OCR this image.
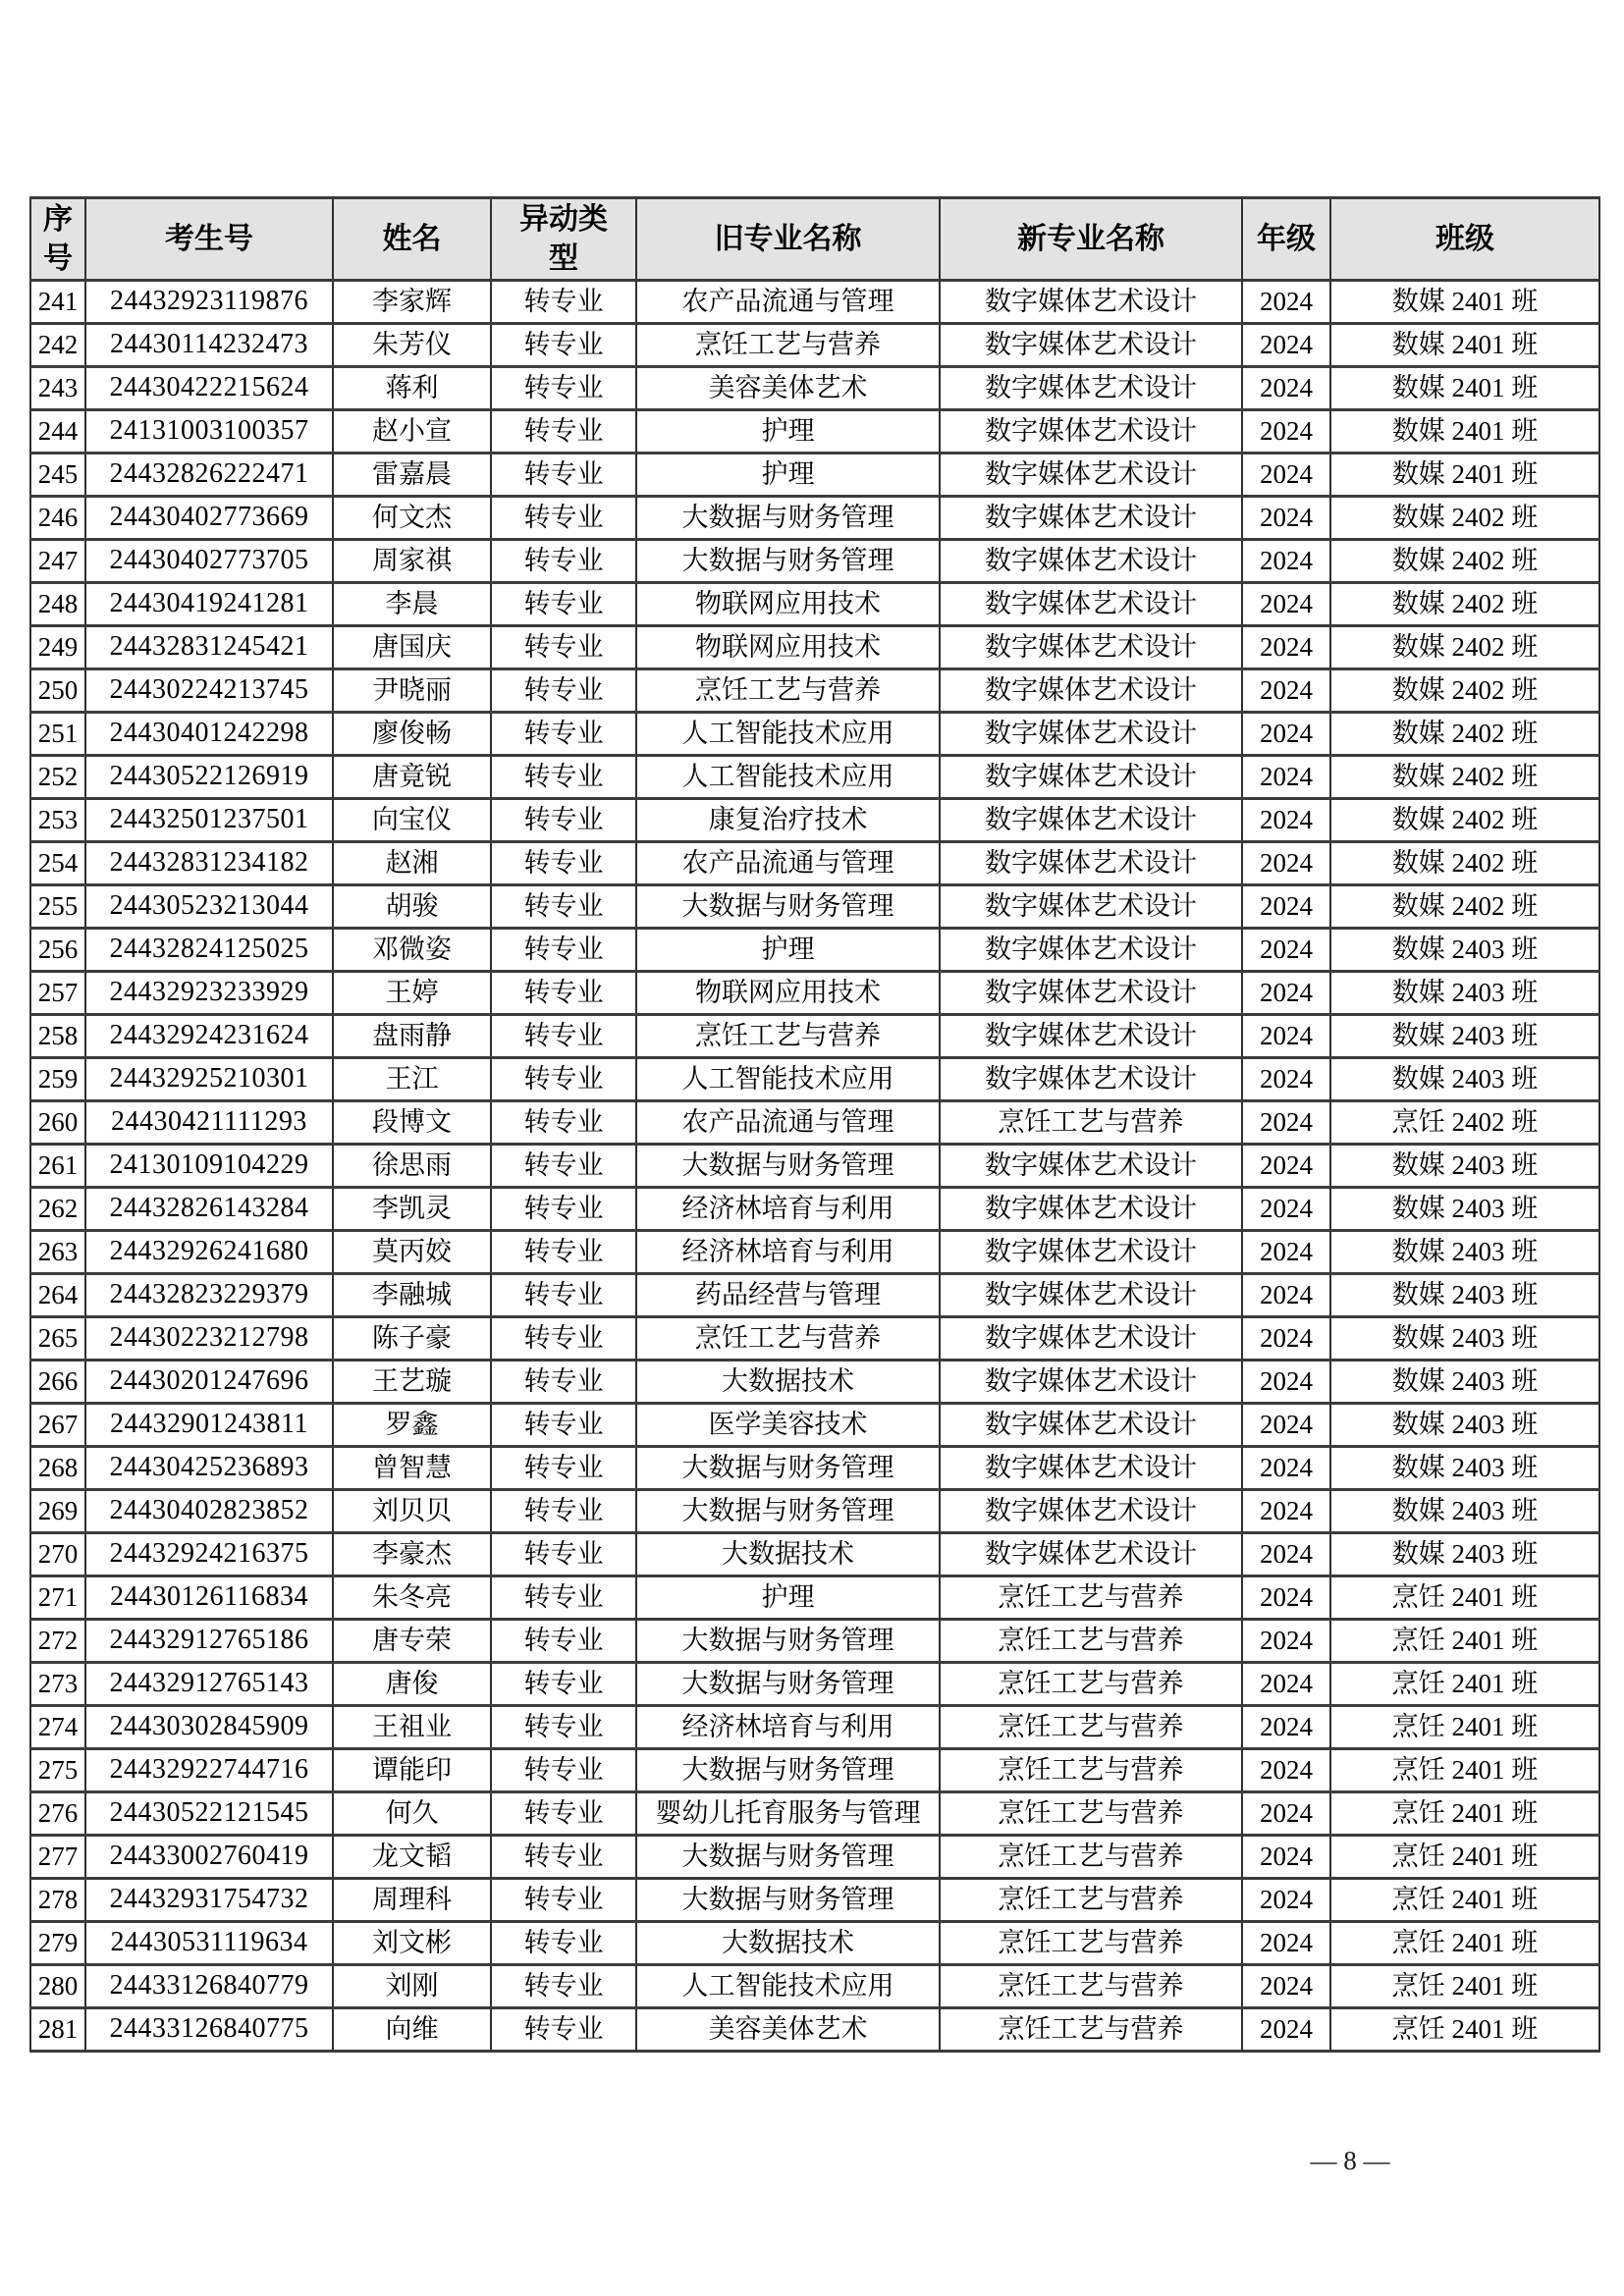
序号	考生号	姓名	异动类型	旧专业名称	新专业名称	年级	班级
241	24432923119876	李家辉	转专业	农产品流通与管理	数字媒体艺术设计	2024	数媒 2401 班
242	24430114232473	朱芳仪	转专业	烹饪工艺与营养	数字媒体艺术设计	2024	数媒 2401 班
243	24430422215624	蒋利	转专业	美容美体艺术	数字媒体艺术设计	2024	数媒 2401 班
244	24131003100357	赵小宣	转专业	护理	数字媒体艺术设计	2024	数媒 2401 班
245	24432826222471	雷嘉晨	转专业	护理	数字媒体艺术设计	2024	数媒 2401 班
246	24430402773669	何文杰	转专业	大数据与财务管理	数字媒体艺术设计	2024	数媒 2402 班
247	24430402773705	周家祺	转专业	大数据与财务管理	数字媒体艺术设计	2024	数媒 2402 班
248	24430419241281	李晨	转专业	物联网应用技术	数字媒体艺术设计	2024	数媒 2402 班
249	24432831245421	唐国庆	转专业	物联网应用技术	数字媒体艺术设计	2024	数媒 2402 班
250	24430224213745	尹晓丽	转专业	烹饪工艺与营养	数字媒体艺术设计	2024	数媒 2402 班
251	24430401242298	廖俊畅	转专业	人工智能技术应用	数字媒体艺术设计	2024	数媒 2402 班
252	24430522126919	唐竟锐	转专业	人工智能技术应用	数字媒体艺术设计	2024	数媒 2402 班
253	24432501237501	向宝仪	转专业	康复治疗技术	数字媒体艺术设计	2024	数媒 2402 班
254	24432831234182	赵湘	转专业	农产品流通与管理	数字媒体艺术设计	2024	数媒 2402 班
255	24430523213044	胡骏	转专业	大数据与财务管理	数字媒体艺术设计	2024	数媒 2402 班
256	24432824125025	邓微姿	转专业	护理	数字媒体艺术设计	2024	数媒 2403 班
257	24432923233929	王婷	转专业	物联网应用技术	数字媒体艺术设计	2024	数媒 2403 班
258	24432924231624	盘雨静	转专业	烹饪工艺与营养	数字媒体艺术设计	2024	数媒 2403 班
259	24432925210301	王江	转专业	人工智能技术应用	数字媒体艺术设计	2024	数媒 2403 班
260	24430421111293	段博文	转专业	农产品流通与管理	烹饪工艺与营养	2024	烹饪 2402 班
261	24130109104229	徐思雨	转专业	大数据与财务管理	数字媒体艺术设计	2024	数媒 2403 班
262	24432826143284	李凯灵	转专业	经济林培育与利用	数字媒体艺术设计	2024	数媒 2403 班
263	24432926241680	莫丙姣	转专业	经济林培育与利用	数字媒体艺术设计	2024	数媒 2403 班
264	24432823229379	李融城	转专业	药品经营与管理	数字媒体艺术设计	2024	数媒 2403 班
265	24430223212798	陈子豪	转专业	烹饪工艺与营养	数字媒体艺术设计	2024	数媒 2403 班
266	24430201247696	王艺璇	转专业	大数据技术	数字媒体艺术设计	2024	数媒 2403 班
267	24432901243811	罗鑫	转专业	医学美容技术	数字媒体艺术设计	2024	数媒 2403 班
268	24430425236893	曾智慧	转专业	大数据与财务管理	数字媒体艺术设计	2024	数媒 2403 班
269	24430402823852	刘贝贝	转专业	大数据与财务管理	数字媒体艺术设计	2024	数媒 2403 班
270	24432924216375	李豪杰	转专业	大数据技术	数字媒体艺术设计	2024	数媒 2403 班
271	24430126116834	朱冬亮	转专业	护理	烹饪工艺与营养	2024	烹饪 2401 班
272	24432912765186	唐专荣	转专业	大数据与财务管理	烹饪工艺与营养	2024	烹饪 2401 班
273	24432912765143	唐俊	转专业	大数据与财务管理	烹饪工艺与营养	2024	烹饪 2401 班
274	24430302845909	王祖业	转专业	经济林培育与利用	烹饪工艺与营养	2024	烹饪 2401 班
275	24432922744716	谭能印	转专业	大数据与财务管理	烹饪工艺与营养	2024	烹饪 2401 班
276	24430522121545	何久	转专业	婴幼儿托育服务与管理	烹饪工艺与营养	2024	烹饪 2401 班
277	24433002760419	龙文韬	转专业	大数据与财务管理	烹饪工艺与营养	2024	烹饪 2401 班
278	24432931754732	周理科	转专业	大数据与财务管理	烹饪工艺与营养	2024	烹饪 2401 班
279	24430531119634	刘文彬	转专业	大数据技术	烹饪工艺与营养	2024	烹饪 2401 班
280	24433126840779	刘刚	转专业	人工智能技术应用	烹饪工艺与营养	2024	烹饪 2401 班
281	24433126840775	向维	转专业	美容美体艺术	烹饪工艺与营养	2024	烹饪 2401 班
— 8 —
